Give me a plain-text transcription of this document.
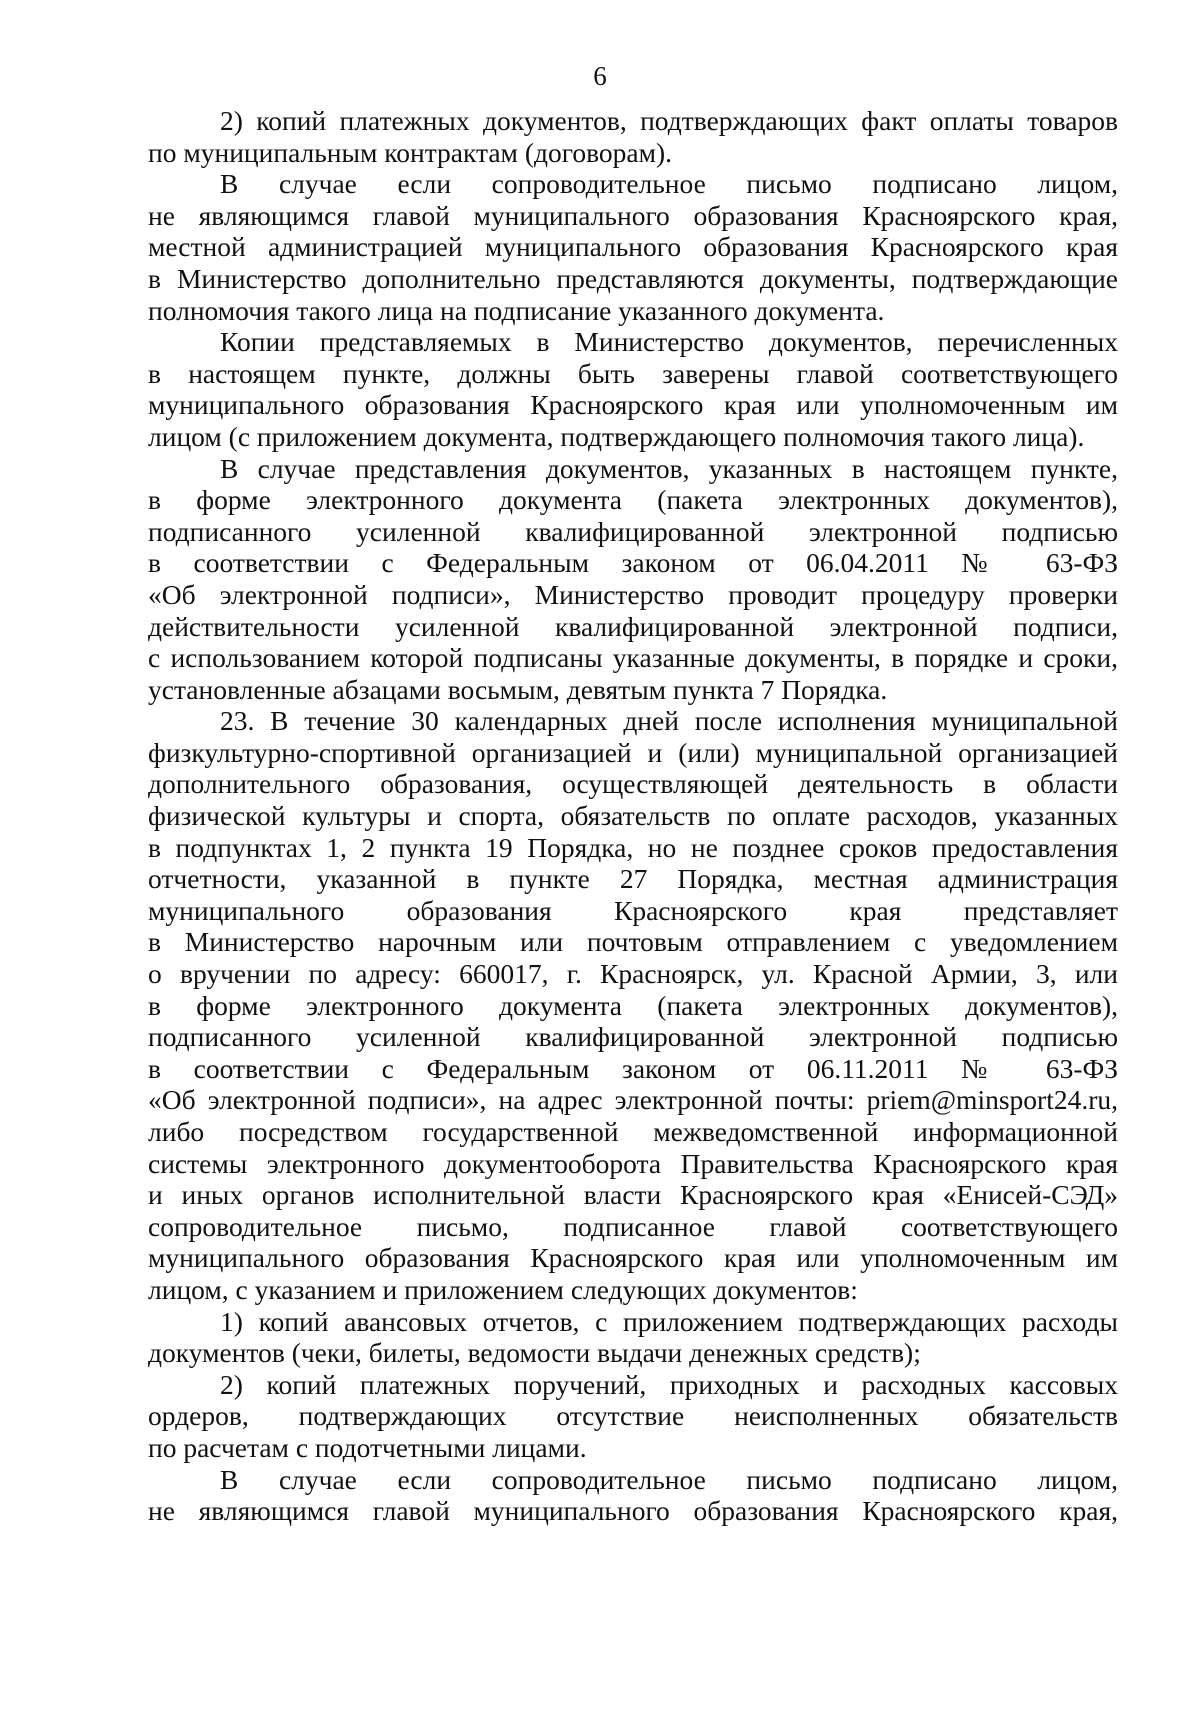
6
2) копий платежных документов, подтверждающих факт оплаты товаров
по муниципальным контрактам (договорам).
В случае если сопроводительное письмо подписано лицом,
не являющимся главой муниципального образования Красноярского края,
местной администрацией муниципального образования Красноярского края
в Министерство дополнительно представляются документы, подтверждающие
полномочия такого лица на подписание указанного документа.
Копии представляемых в Министерство документов, перечисленных
в настоящем пункте, должны быть заверены главой соответствующего
муниципального образования Красноярского края или уполномоченным им
лицом (с приложением документа, подтверждающего полномочия такого лица).
В случае представления документов, указанных в настоящем пункте,
в форме электронного документа (пакета электронных документов),
подписанного усиленной квалифицированной электронной подписью
в соответствии с Федеральным законом от 06.04.2011 № 63-ФЗ
«Об электронной подписи», Министерство проводит процедуру проверки
действительности усиленной квалифицированной электронной подписи,
с использованием которой подписаны указанные документы, в порядке и сроки,
установленные абзацами восьмым, девятым пункта 7 Порядка.
23. В течение 30 календарных дней после исполнения муниципальной
физкультурно-спортивной организацией и (или) муниципальной организацией
дополнительного образования, осуществляющей деятельность в области
физической культуры и спорта, обязательств по оплате расходов, указанных
в подпунктах 1, 2 пункта 19 Порядка, но не позднее сроков предоставления
отчетности, указанной в пункте 27 Порядка, местная администрация
муниципального образования Красноярского края представляет
в Министерство нарочным или почтовым отправлением с уведомлением
о вручении по адресу: 660017, г. Красноярск, ул. Красной Армии, 3, или
в форме электронного документа (пакета электронных документов),
подписанного усиленной квалифицированной электронной подписью
в соответствии с Федеральным законом от 06.11.2011 № 63-ФЗ
«Об электронной подписи», на адрес электронной почты: priem@minsport24.ru,
либо посредством государственной межведомственной информационной
системы электронного документооборота Правительства Красноярского края
и иных органов исполнительной власти Красноярского края «Енисей-СЭД»
сопроводительное письмо, подписанное главой соответствующего
муниципального образования Красноярского края или уполномоченным им
лицом, с указанием и приложением следующих документов:
1) копий авансовых отчетов, с приложением подтверждающих расходы
документов (чеки, билеты, ведомости выдачи денежных средств);
2) копий платежных поручений, приходных и расходных кассовых
ордеров, подтверждающих отсутствие неисполненных обязательств
по расчетам с подотчетными лицами.
В случае если сопроводительное письмо подписано лицом,
не являющимся главой муниципального образования Красноярского края,
